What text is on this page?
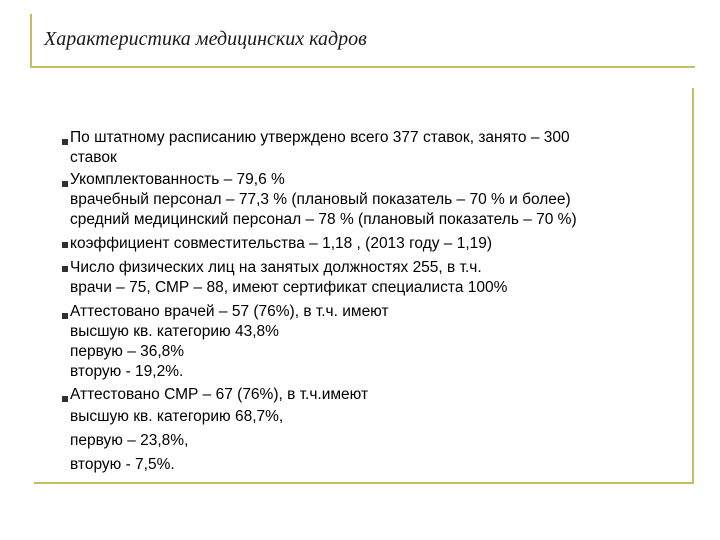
Характеристика медицинских кадров
По штатному расписанию утверждено всего 377 ставок, занято – 300
ставок
Укомплектованность – 79,6 %
врачебный персонал – 77,3 % (плановый показатель – 70 % и более)
средний медицинский персонал – 78 % (плановый показатель – 70 %)
коэффициент совместительства – 1,18 , (2013 году – 1,19)
Число физических лиц на занятых должностях 255, в т.ч.
врачи – 75, СМР – 88, имеют сертификат специалиста 100%
Аттестовано врачей – 57 (76%), в т.ч. имеют
высшую кв. категорию 43,8%
первую – 36,8%
вторую - 19,2%.
Аттестовано СМР – 67 (76%), в т.ч.имеют
высшую кв. категорию 68,7%,
первую – 23,8%,
вторую - 7,5%.
